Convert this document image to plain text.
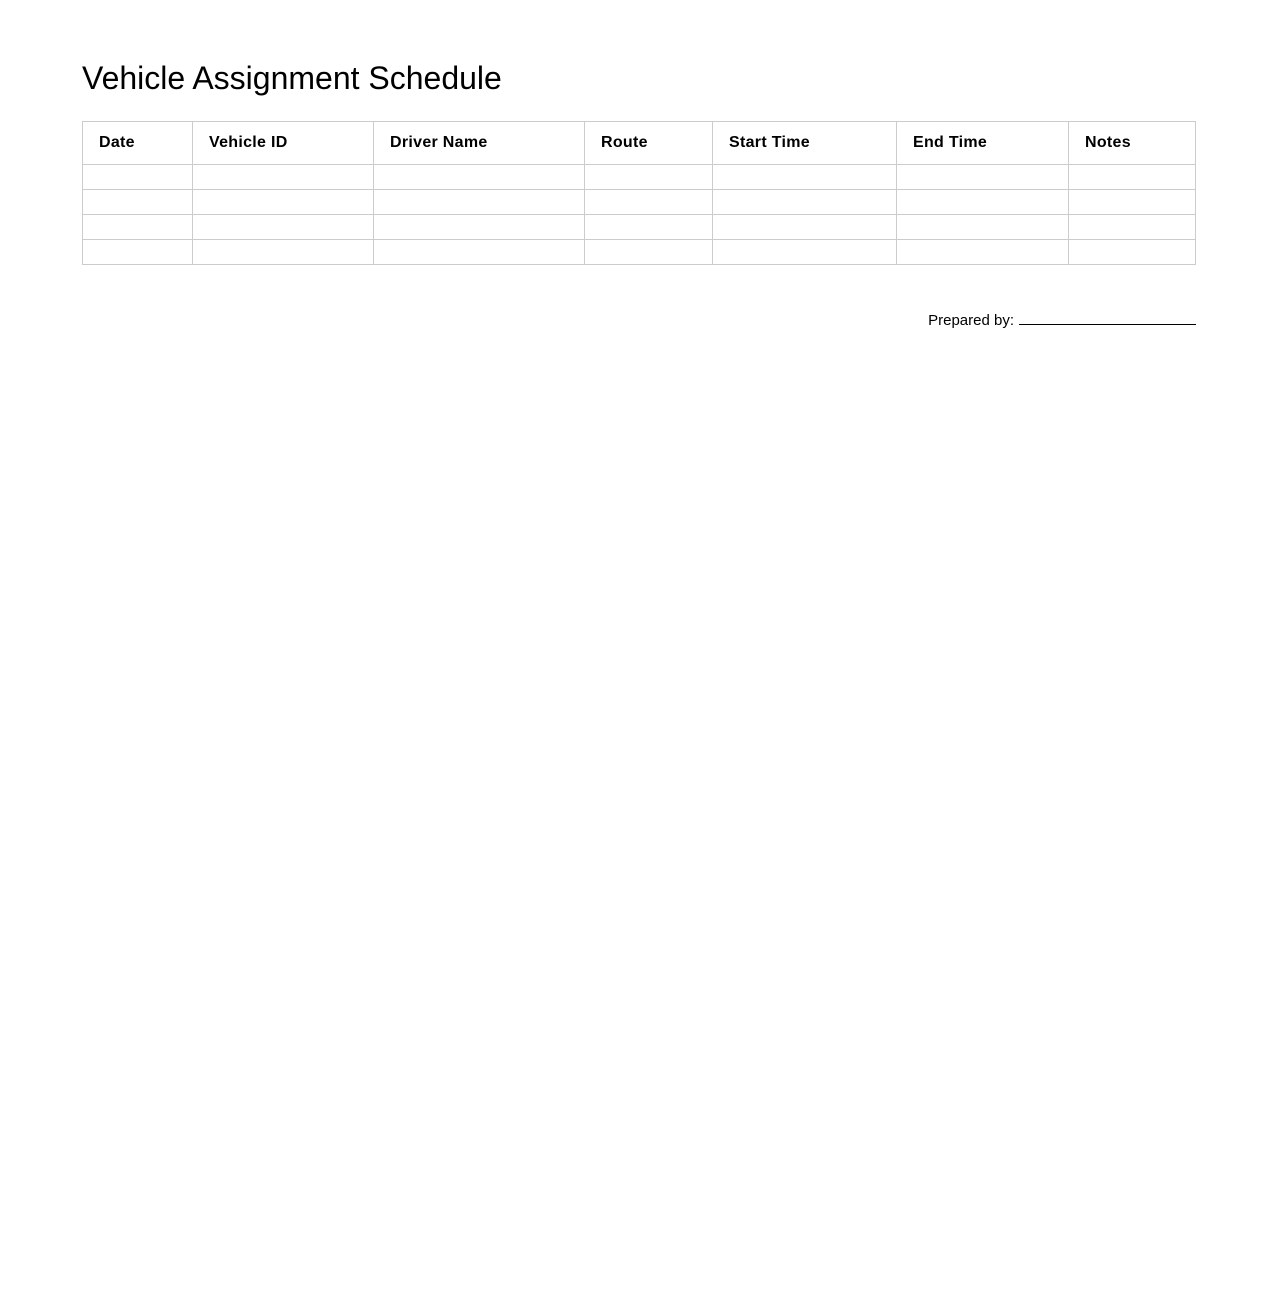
Vehicle Assignment Schedule
Date	Vehicle ID	Driver Name	Route	Start Time	End Time	Notes

Prepared by:
